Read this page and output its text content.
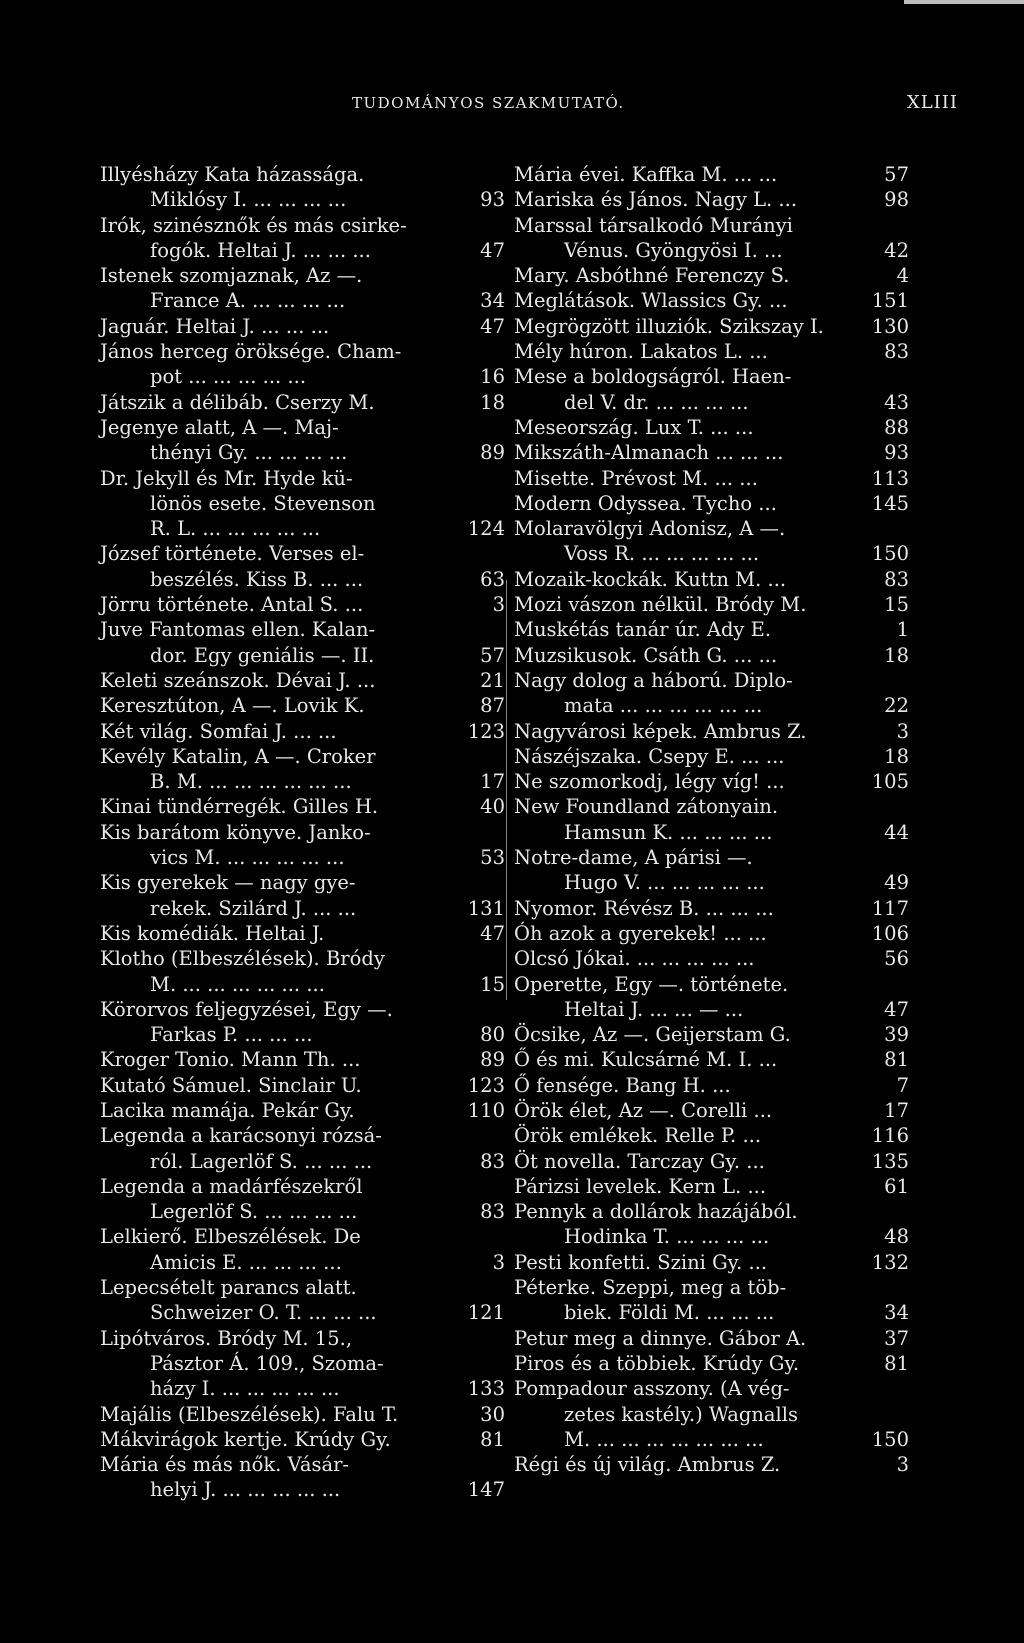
TUDOMÁNYOS SZAKMUTATÓ.	XLIII
Illyésházy Kata házassága.
Miklósy I. ... ... ... ...	93
Irók, szinésznők és más csirke-
fogók. Heltai J. ... ... ...	47
Istenek szomjaznak, Az —.
France A. ... ... ... ...	34
Jaguár. Heltai J. ... ... ...	47
János herceg öröksége. Cham-
pot ... ... ... ... ...	16
Játszik a délibáb. Cserzy M.	18
Jegenye alatt, A —. Maj-
thényi Gy. ... ... ... ...	89
Dr. Jekyll és Mr. Hyde kü-
lönös esete. Stevenson
R. L. ... ... ... ... ...	124
József története. Verses el-
beszélés. Kiss B. ... ...	63
Jörru története. Antal S. ...	3
Juve Fantomas ellen. Kalan-
dor. Egy geniális —. II.	57
Keleti szeánszok. Dévai J. ...	21
Keresztúton, A —. Lovik K.	87
Két világ. Somfai J. ... ...	123
Kevély Katalin, A —. Croker
B. M. ... ... ... ... ... ...	17
Kinai tündérregék. Gilles H.	40
Kis barátom könyve. Janko-
vics M. ... ... ... ... ...	53
Kis gyerekek — nagy gye-
rekek. Szilárd J. ... ...	131
Kis komédiák. Heltai J.	47
Klotho (Elbeszélések). Bródy
M. ... ... ... ... ... ...	15
Körorvos feljegyzései, Egy —.
Farkas P. ... ... ...	80
Kroger Tonio. Mann Th. ...	89
Kutató Sámuel. Sinclair U.	123
Lacika mamája. Pekár Gy.	110
Legenda a karácsonyi rózsá-
ról. Lagerlöf S. ... ... ...	83
Legenda a madárfészekről
Legerlöf S. ... ... ... ...	83
Lelkierő. Elbeszélések. De
Amicis E. ... ... ... ...	3
Lepecsételt parancs alatt.
Schweizer O. T. ... ... ...	121
Lipótváros. Bródy M. 15.,
Pásztor Á. 109., Szoma-
házy I. ... ... ... ... ...	133
Majális (Elbeszélések). Falu T.	30
Mákvirágok kertje. Krúdy Gy.	81
Mária és más nők. Vásár-
helyi J. ... ... ... ... ...	147
Mária évei. Kaffka M. ... ...	57
Mariska és János. Nagy L. ...	98
Marssal társalkodó Murányi
Vénus. Gyöngyösi I. ...	42
Mary. Asbóthné Ferenczy S.	4
Meglátások. Wlassics Gy. ...	151
Megrögzött illuziók. Szikszay I.	130
Mély húron. Lakatos L. ...	83
Mese a boldogságról. Haen-
del V. dr. ... ... ... ...	43
Meseország. Lux T. ... ...	88
Mikszáth-Almanach ... ... ...	93
Misette. Prévost M. ... ...	113
Modern Odyssea. Tycho ...	145
Molaravölgyi Adonisz, A —.
Voss R. ... ... ... ... ...	150
Mozaik-kockák. Kuttn M. ...	83
Mozi vászon nélkül. Bródy M.	15
Muskétás tanár úr. Ady E.	1
Muzsikusok. Csáth G. ... ...	18
Nagy dolog a háború. Diplo-
mata ... ... ... ... ... ...	22
Nagyvárosi képek. Ambrus Z.	3
Nászéjszaka. Csepy E. ... ...	18
Ne szomorkodj, légy víg! ...	105
New Foundland zátonyain.
Hamsun K. ... ... ... ...	44
Notre-dame, A párisi —.
Hugo V. ... ... ... ... ...	49
Nyomor. Révész B. ... ... ...	117
Óh azok a gyerekek! ... ...	106
Olcsó Jókai. ... ... ... ... ...	56
Operette, Egy —. története.
Heltai J. ... ... — ...	47
Öcsike, Az —. Geijerstam G.	39
Ő és mi. Kulcsárné M. I. ...	81
Ő fensége. Bang H. ...	7
Örök élet, Az —. Corelli ...	17
Örök emlékek. Relle P. ...	116
Öt novella. Tarczay Gy. ...	135
Párizsi levelek. Kern L. ...	61
Pennyk a dollárok hazájából.
Hodinka T. ... ... ... ...	48
Pesti konfetti. Szini Gy. ...	132
Péterke. Szeppi, meg a töb-
biek. Földi M. ... ... ...	34
Petur meg a dinnye. Gábor A.	37
Piros és a többiek. Krúdy Gy.	81
Pompadour asszony. (A vég-
zetes kastély.) Wagnalls
M. ... ... ... ... ... ... ...	150
Régi és új világ. Ambrus Z.	3
